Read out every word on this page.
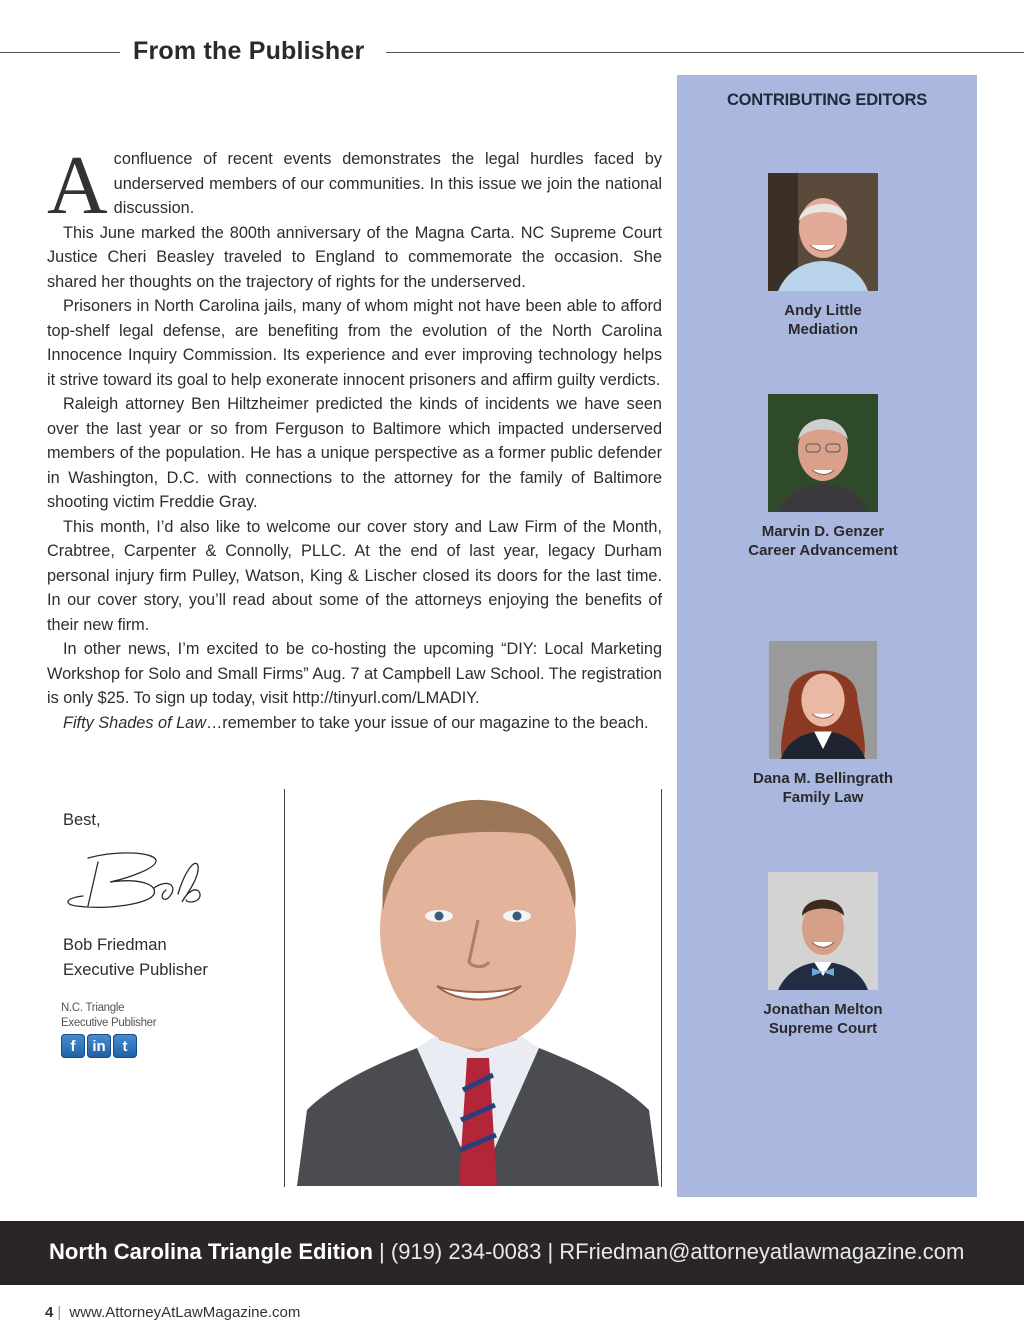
From the Publisher

Aconfluence of recent events demonstrates the legal hurdles faced by underserved members of our communities. In this issue we join the national discussion.

This June marked the 800th anniversary of the Magna Carta. NC Supreme Court Justice Cheri Beasley traveled to England to commemorate the occasion. She shared her thoughts on the trajectory of rights for the underserved.

Prisoners in North Carolina jails, many of whom might not have been able to afford top-shelf legal defense, are benefiting from the evolution of the North Carolina Innocence Inquiry Commission. Its experience and ever improving technology helps it strive toward its goal to help exonerate innocent prisoners and affirm guilty verdicts.

Raleigh attorney Ben Hiltzheimer predicted the kinds of incidents we have seen over the last year or so from Ferguson to Baltimore which impacted underserved members of the population. He has a unique perspective as a former public defender in Washington, D.C. with connections to the attorney for the family of Baltimore shooting victim Freddie Gray.

This month, I’d also like to welcome our cover story and Law Firm of the Month, Crabtree, Carpenter & Connolly, PLLC. At the end of last year, legacy Durham personal injury firm Pulley, Watson, King & Lischer closed its doors for the last time. In our cover story, you’ll read about some of the attorneys enjoying the benefits of their new firm.

In other news, I’m excited to be co-hosting the upcoming “DIY: Local Marketing Workshop for Solo and Small Firms” Aug. 7 at Campbell Law School. The registration is only $25. To sign up today, visit http://tinyurl.com/LMADIY.

Fifty Shades of Law…remember to take your issue of our magazine to the beach.

Best,
Bob Friedman
Executive Publisher
N.C. Triangle
Executive Publisher
f	in	t
CONTRIBUTING EDITORS
Andy Little
Mediation
Marvin D. Genzer
Career Advancement
Dana M. Bellingrath
Family Law
Jonathan Melton
Supreme Court
North Carolina Triangle Edition | (919) 234-0083 | RFriedman@attorneyatlawmagazine.com
4 | www.AttorneyAtLawMagazine.com
